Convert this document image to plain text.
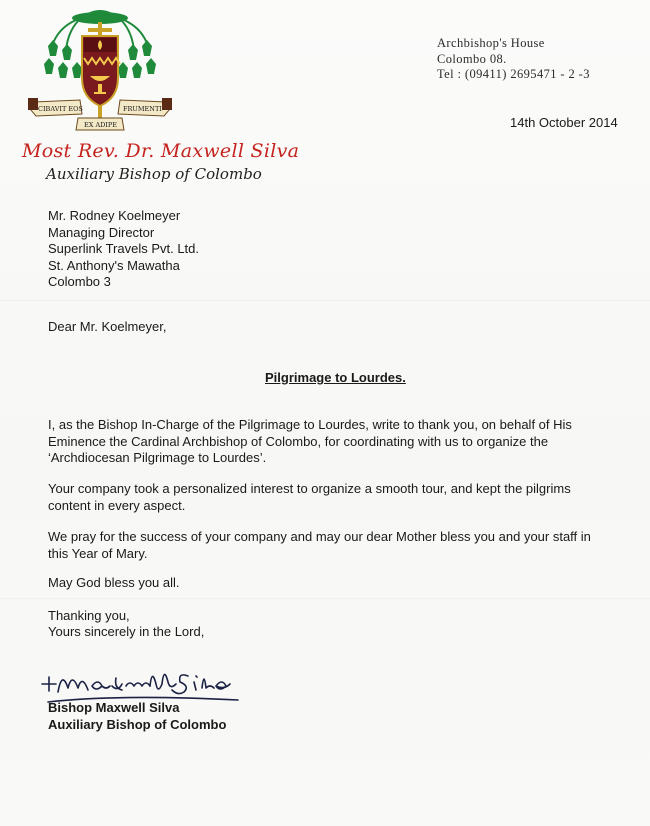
CIBAVIT EOS	FRUMENTI
EX ADIPE

Most Rev. Dr. Maxwell Silva

Auxiliary Bishop of Colombo

Archbishop's House
Colombo 08.
Tel : (09411) 2695471 - 2 -3
14th October 2014
Mr. Rodney Koelmeyer
Managing Director
Superlink Travels Pvt. Ltd.
St. Anthony's Mawatha
Colombo 3
Dear Mr. Koelmeyer,
Pilgrimage to Lourdes.

I, as the Bishop In-Charge of the Pilgrimage to Lourdes, write to thank you, on behalf of His Eminence the Cardinal Archbishop of Colombo, for coordinating with us to organize the ‘Archdiocesan Pilgrimage to Lourdes’.

Your company took a personalized interest to organize a smooth tour, and kept the pilgrims content in every aspect.

We pray for the success of your company and may our dear Mother bless you and your staff in this Year of Mary.

May God bless you all.

Thanking you,
Yours sincerely in the Lord,
Bishop Maxwell Silva
Auxiliary Bishop of Colombo
